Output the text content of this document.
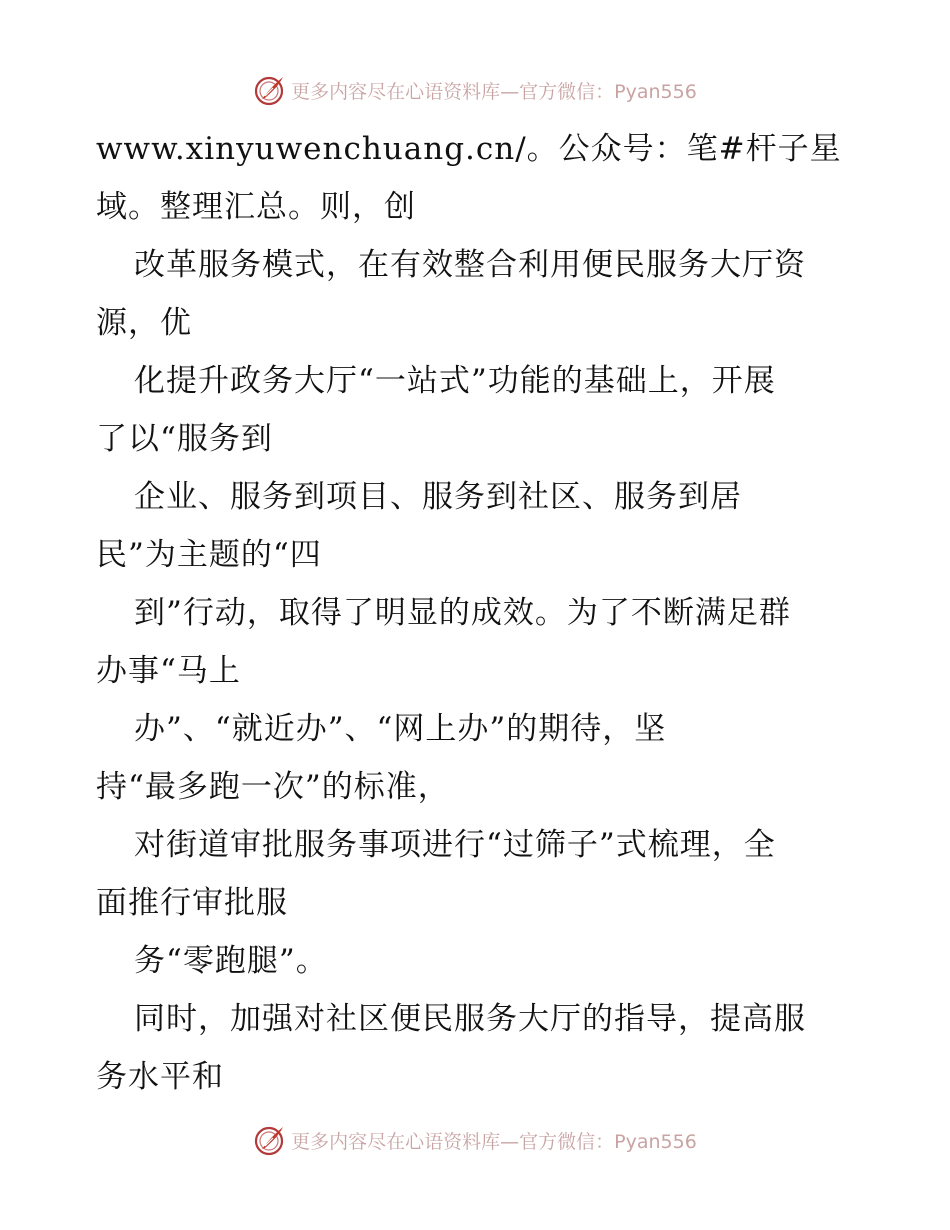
更多内容尽在心语资料库—官方微信：Pyan556
www.xinyuwenchuang.cn/。公众号：笔#杆子星
域。整理汇总。则，创
改革服务模式，在有效整合利用便民服务大厅资
源，优
化提升政务大厅“一站式”功能的基础上，开展
了以“服务到
企业、服务到项目、服务到社区、服务到居
民”为主题的“四
到”行动，取得了明显的成效。为了不断满足群
办事“马上
办”、“就近办”、“网上办”的期待，坚
持“最多跑一次”的标准，
对街道审批服务事项进行“过筛子”式梳理，全
面推行审批服
务“零跑腿”。
同时，加强对社区便民服务大厅的指导，提高服
务水平和
更多内容尽在心语资料库—官方微信：Pyan556
